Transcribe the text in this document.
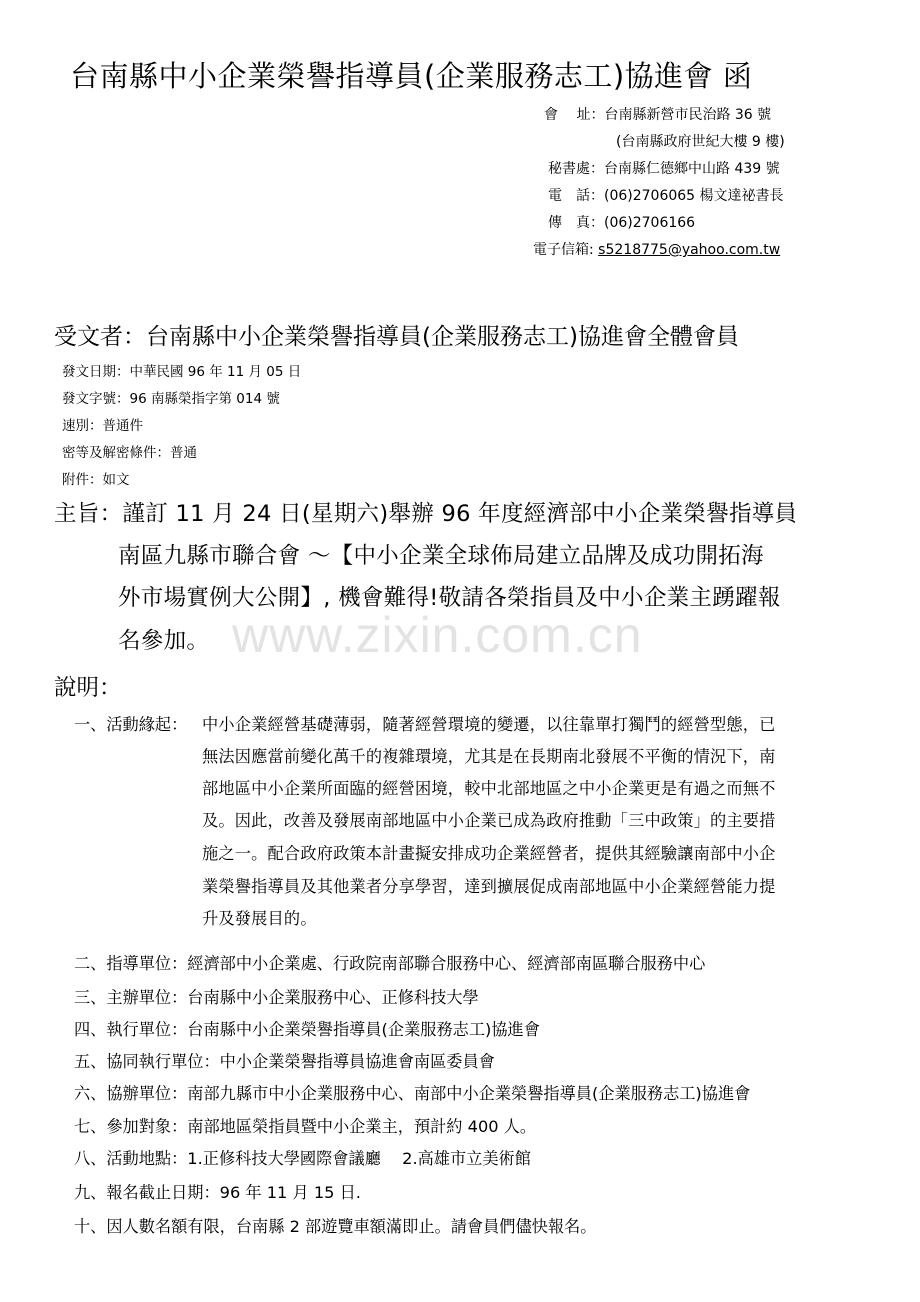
台南縣中小企業榮譽指導員(企業服務志工)協進會 函
會　 址：台南縣新營市民治路 36 號
(台南縣政府世紀大樓 9 樓)
秘書處：台南縣仁德鄉中山路 439 號
電　話：(06)2706065 楊文達祕書長
傳　真：(06)2706166
電子信箱: s5218775@yahoo.com.tw
受文者：台南縣中小企業榮譽指導員(企業服務志工)協進會全體會員
發文日期：中華民國 96 年 11 月 05 日
發文字號：96 南縣榮指字第 014 號
速別：普通件
密等及解密條件：普通
附件：如文
www.zixin.com.cn
主旨：謹訂 11 月 24 日(星期六)舉辦 96 年度經濟部中小企業榮譽指導員
南區九縣市聯合會 ～【中小企業全球佈局建立品牌及成功開拓海
外市場實例大公開】, 機會難得!敬請各榮指員及中小企業主踴躍報
名參加。
說明：
一、活動緣起： 中小企業經營基礎薄弱，隨著經營環境的變遷，以往靠單打獨鬥的經營型態，已
無法因應當前變化萬千的複雜環境，尤其是在長期南北發展不平衡的情況下，南
部地區中小企業所面臨的經營困境，較中北部地區之中小企業更是有過之而無不
及。因此，改善及發展南部地區中小企業已成為政府推動「三中政策」的主要措
施之一。配合政府政策本計畫擬安排成功企業經營者，提供其經驗讓南部中小企
業榮譽指導員及其他業者分享學習，達到擴展促成南部地區中小企業經營能力提
升及發展目的。
二、指導單位：經濟部中小企業處、行政院南部聯合服務中心、經濟部南區聯合服務中心
三、主辦單位：台南縣中小企業服務中心、正修科技大學
四、執行單位：台南縣中小企業榮譽指導員(企業服務志工)協進會
五、協同執行單位：中小企業榮譽指導員協進會南區委員會
六、協辦單位：南部九縣市中小企業服務中心、南部中小企業榮譽指導員(企業服務志工)協進會
七、參加對象：南部地區榮指員暨中小企業主，預計約 400 人。
八、活動地點：1.正修科技大學國際會議廳　 2.高雄市立美術館
九、報名截止日期：96 年 11 月 15 日.
十、因人數名額有限，台南縣 2 部遊覽車額滿即止。請會員們儘快報名。
